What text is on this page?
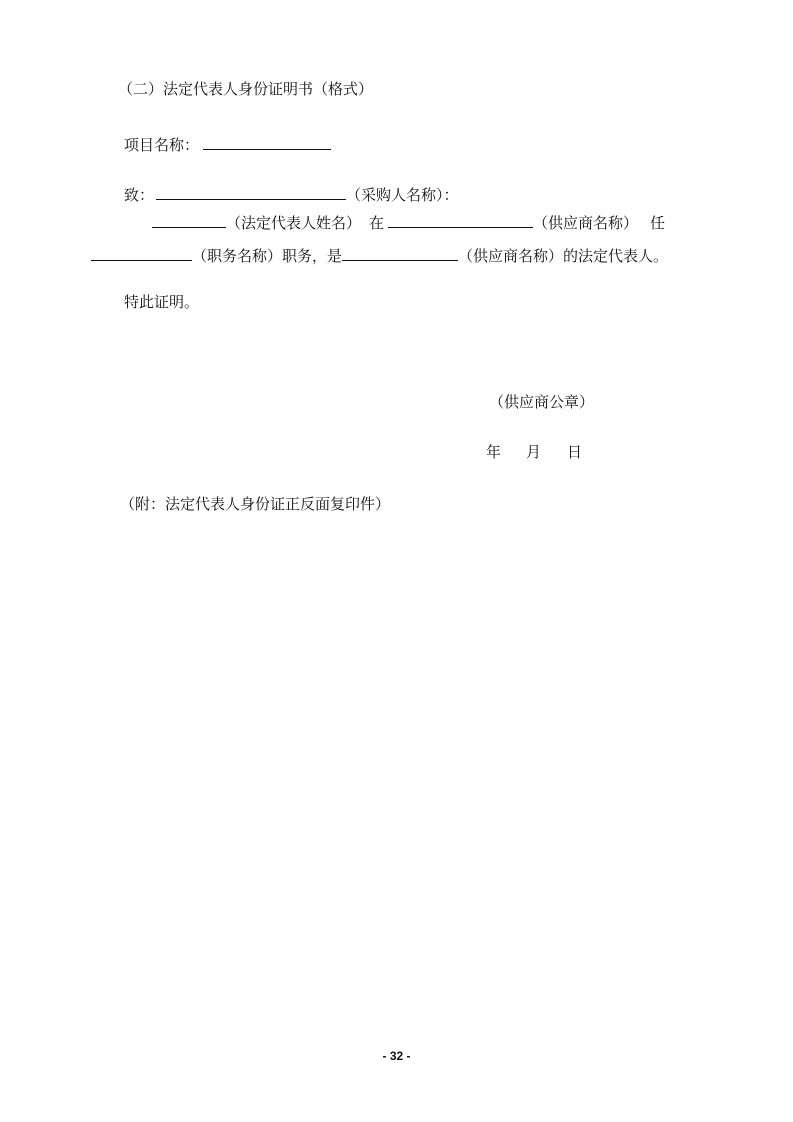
（二）法定代表人身份证明书（格式）
项目名称：
致：	（采购人名称）：
（法定代表人姓名） 在	（供应商名称） 任
（职务名称）职务，是	（供应商名称）的法定代表人。
特此证明。
（供应商公章）
年 月 日
（附：法定代表人身份证正反面复印件）
- 32 -
